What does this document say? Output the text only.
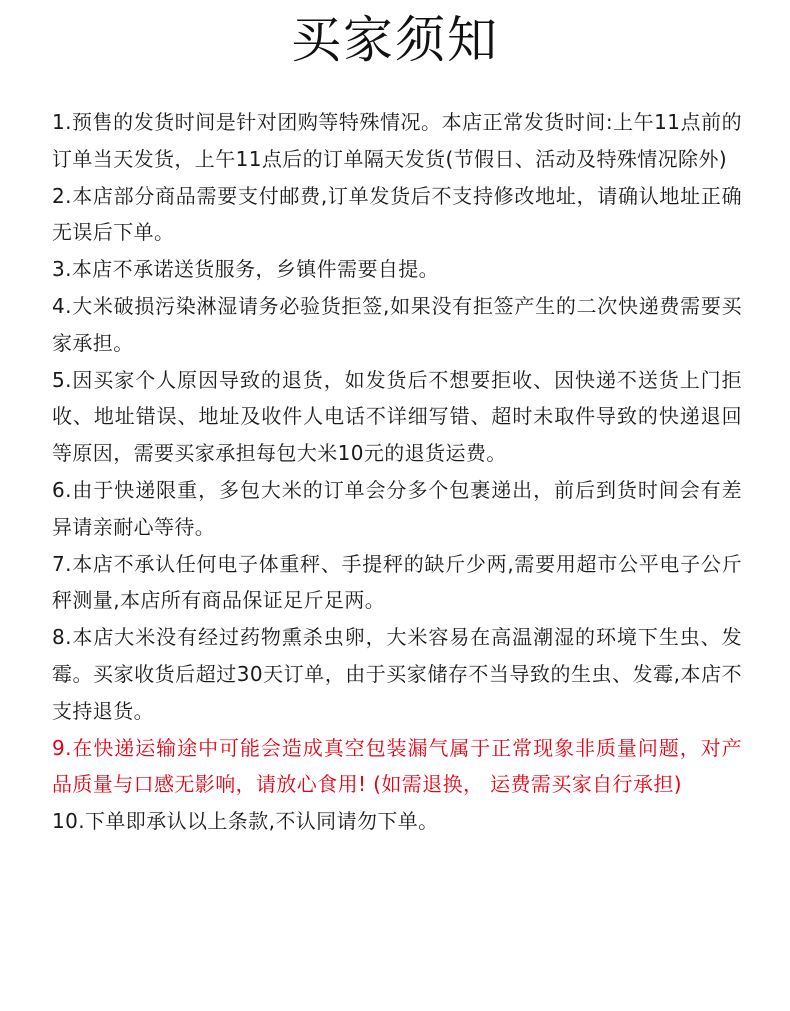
买家须知

1.预售的发货时间是针对团购等特殊情况。本店正常发货时间:上午11点前的订单当天发货，上午11点后的订单隔天发货(节假日、活动及特殊情况除外)

2.本店部分商品需要支付邮费,订单发货后不支持修改地址，请确认地址正确无误后下单。

3.本店不承诺送货服务，乡镇件需要自提。

4.大米破损污染淋湿请务必验货拒签,如果没有拒签产生的二次快递费需要买家承担。

5.因买家个人原因导致的退货，如发货后不想要拒收、因快递不送货上门拒收、地址错误、地址及收件人电话不详细写错、超时未取件导致的快递退回等原因，需要买家承担每包大米10元的退货运费。

6.由于快递限重，多包大米的订单会分多个包裹递出，前后到货时间会有差异请亲耐心等待。

7.本店不承认任何电子体重秤、手提秤的缺斤少两,需要用超市公平电子公斤秤测量,本店所有商品保证足斤足两。

8.本店大米没有经过药物熏杀虫卵，大米容易在高温潮湿的环境下生虫、发霉。买家收货后超过30天订单，由于买家储存不当导致的生虫、发霉,本店不支持退货。

9.在快递运输途中可能会造成真空包装漏气属于正常现象非质量问题，对产品质量与口感无影响，请放心食用! (如需退换， 运费需买家自行承担)

10.下单即承认以上条款,不认同请勿下单。
